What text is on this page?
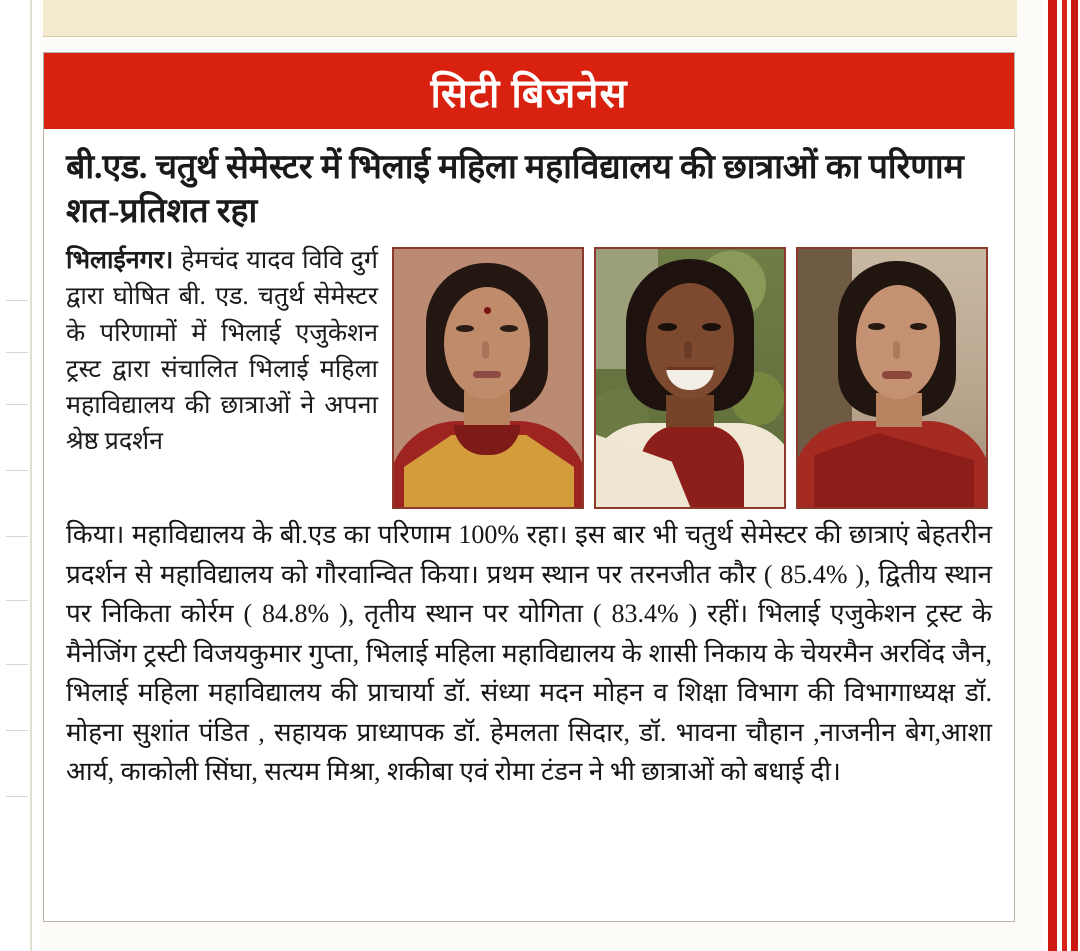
सिटी बिजनेस
बी.एड. चतुर्थ सेमेस्टर में भिलाई महिला महाविद्यालय की छात्राओं का परिणाम शत-प्रतिशत रहा
भिलाईनगर। हेमचंद यादव विवि दुर्ग द्वारा घोषित बी. एड. चतुर्थ सेमेस्टर के परिणामों में भिलाई एजुकेशन ट्रस्ट द्वारा संचालित भिलाई महिला महाविद्यालय की छात्राओं ने अपना श्रेष्ठ प्रदर्शन
किया। महाविद्यालय के बी.एड का परिणाम 100% रहा। इस बार भी चतुर्थ सेमेस्टर की छात्राएं बेहतरीन प्रदर्शन से महाविद्यालय को गौरवान्वित किया। प्रथम स्थान पर तरनजीत कौर ( 85.4% ), द्वितीय स्थान पर निकिता कोर्रम ( 84.8% ), तृतीय स्थान पर योगिता ( 83.4% ) रहीं। भिलाई एजुकेशन ट्रस्ट के मैनेजिंग ट्रस्टी विजयकुमार गुप्ता, भिलाई महिला महाविद्यालय के शासी निकाय के चेयरमैन अरविंद जैन, भिलाई महिला महाविद्यालय की प्राचार्या डॉ. संध्या मदन मोहन व शिक्षा विभाग की विभागाध्यक्ष डॉ. मोहना सुशांत पंडित , सहायक प्राध्यापक डॉ. हेमलता सिदार, डॉ. भावना चौहान ,नाजनीन बेग,आशा आर्य, काकोली सिंघा, सत्यम मिश्रा, शकीबा एवं रोमा टंडन ने भी छात्राओं को बधाई दी।
